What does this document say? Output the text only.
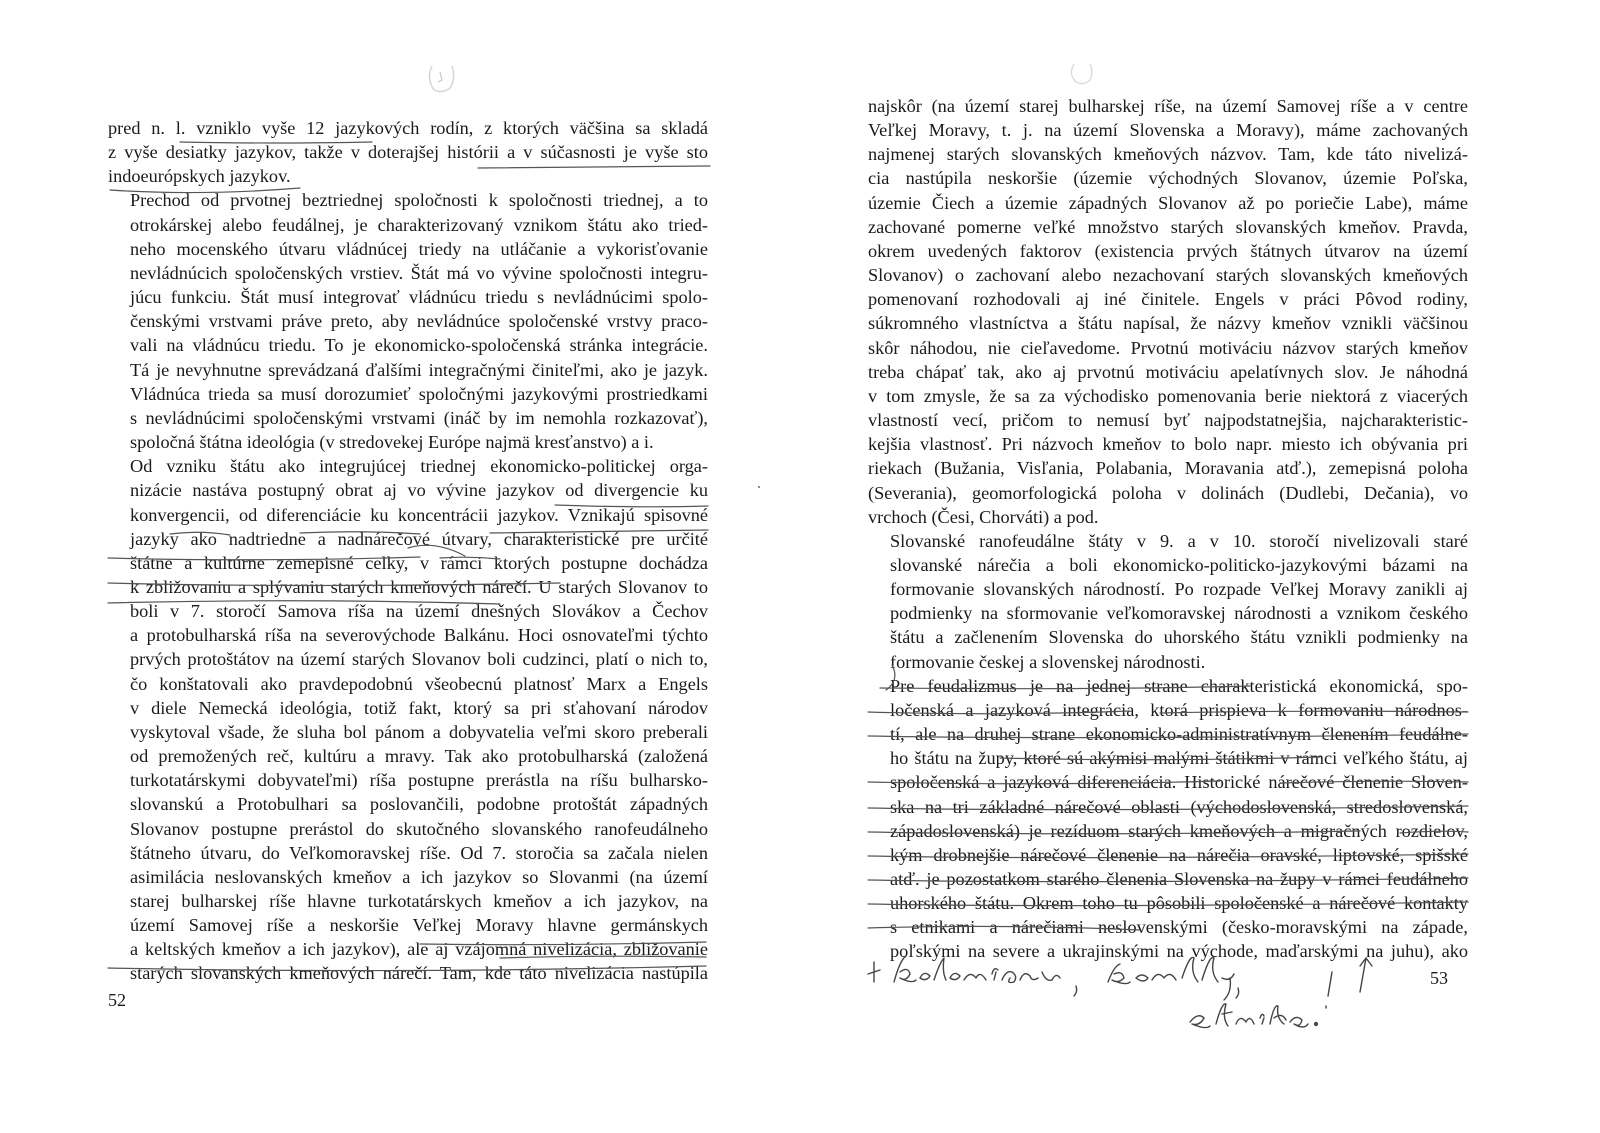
pred n. l. vzniklo vyše 12 jazykových rodín, z ktorých väčšina sa skladá
z vyše desiatky jazykov, takže v doterajšej histórii a v súčasnosti je vyše sto
indoeurópskych jazykov.

Prechod od prvotnej beztriednej spoločnosti k spoločnosti triednej, a to
otrokárskej alebo feudálnej, je charakterizovaný vznikom štátu ako tried-
neho mocenského útvaru vládnúcej triedy na utláčanie a vykorisťovanie
nevládnúcich spoločenských vrstiev. Štát má vo vývine spoločnosti integru-
júcu funkciu. Štát musí integrovať vládnúcu triedu s nevládnúcimi spolo-
čenskými vrstvami práve preto, aby nevládnúce spoločenské vrstvy praco-
vali na vládnúcu triedu. To je ekonomicko-spoločenská stránka integrácie.
Tá je nevyhnutne sprevádzaná ďalšími integračnými činiteľmi, ako je jazyk.
Vládnúca trieda sa musí dorozumieť spoločnými jazykovými prostriedkami
s nevládnúcimi spoločenskými vrstvami (ináč by im nemohla rozkazovať),
spoločná štátna ideológia (v stredovekej Európe najmä kresťanstvo) a i.

Od vzniku štátu ako integrujúcej triednej ekonomicko-politickej orga-
nizácie nastáva postupný obrat aj vo vývine jazykov od divergencie ku
konvergencii, od diferenciácie ku koncentrácii jazykov. Vznikajú spisovné
jazyky ako nadtriedne a nadnárečové útvary, charakteristické pre určité
štátne a kultúrne zemepisné celky, v rámci ktorých postupne dochádza
k zbližovaniu a splývaniu starých kmeňových nárečí. U starých Slovanov to
boli v 7. storočí Samova ríša na území dnešných Slovákov a Čechov
a protobulharská ríša na severovýchode Balkánu. Hoci osnovateľmi týchto
prvých protoštátov na území starých Slovanov boli cudzinci, platí o nich to,
čo konštatovali ako pravdepodobnú všeobecnú platnosť Marx a Engels
v diele Nemecká ideológia, totiž fakt, ktorý sa pri sťahovaní národov
vyskytoval všade, že sluha bol pánom a dobyvatelia veľmi skoro preberali
od premožených reč, kultúru a mravy. Tak ako protobulharská (založená
turkotatárskymi dobyvateľmi) ríša postupne prerástla na ríšu bulharsko-
slovanskú a Protobulhari sa poslovančili, podobne protoštát západných
Slovanov postupne prerástol do skutočného slovanského ranofeudálneho
štátneho útvaru, do Veľkomoravskej ríše. Od 7. storočia sa začala nielen
asimilácia neslovanských kmeňov a ich jazykov so Slovanmi (na území
starej bulharskej ríše hlavne turkotatárskych kmeňov a ich jazykov, na
území Samovej ríše a neskoršie Veľkej Moravy hlavne germánskych
a keltských kmeňov a ich jazykov), ale aj vzájomná nivelizácia, zbližovanie
starých slovanských kmeňových nárečí. Tam, kde táto nivelizácia nastúpila

52

najskôr (na území starej bulharskej ríše, na území Samovej ríše a v centre
Veľkej Moravy, t. j. na území Slovenska a Moravy), máme zachovaných
najmenej starých slovanských kmeňových názvov. Tam, kde táto nivelizá-
cia nastúpila neskoršie (územie východných Slovanov, územie Poľska,
územie Čiech a územie západných Slovanov až po poriečie Labe), máme
zachované pomerne veľké množstvo starých slovanských kmeňov. Pravda,
okrem uvedených faktorov (existencia prvých štátnych útvarov na území
Slovanov) o zachovaní alebo nezachovaní starých slovanských kmeňových
pomenovaní rozhodovali aj iné činitele. Engels v práci Pôvod rodiny,
súkromného vlastníctva a štátu napísal, že názvy kmeňov vznikli väčšinou
skôr náhodou, nie cieľavedome. Prvotnú motiváciu názvov starých kmeňov
treba chápať tak, ako aj prvotnú motiváciu apelatívnych slov. Je náhodná
v tom zmysle, že sa za východisko pomenovania berie niektorá z viacerých
vlastností vecí, pričom to nemusí byť najpodstatnejšia, najcharakteristic-
kejšia vlastnosť. Pri názvoch kmeňov to bolo napr. miesto ich obývania pri
riekach (Bužania, Visľania, Polabania, Moravania atď.), zemepisná poloha
(Severania), geomorfologická poloha v dolinách (Dudlebi, Dečania), vo
vrchoch (Česi, Chorváti) a pod.

Slovanské ranofeudálne štáty v 9. a v 10. storočí nivelizovali staré
slovanské nárečia a boli ekonomicko-politicko-jazykovými bázami na
formovanie slovanských národností. Po rozpade Veľkej Moravy zanikli aj
podmienky na sformovanie veľkomoravskej národnosti a vznikom českého
štátu a začlenením Slovenska do uhorského štátu vznikli podmienky na
formovanie českej a slovenskej národnosti.

Pre feudalizmus je na jednej strane charakteristická ekonomická, spo-
ločenská a jazyková integrácia, ktorá prispieva k formovaniu národnos-
tí, ale na druhej strane ekonomicko-administratívnym členením feudálne-
ho štátu na župy, ktoré sú akýmisi malými štátikmi v rámci veľkého štátu, aj
spoločenská a jazyková diferenciácia. Historické nárečové členenie Sloven-
ska na tri základné nárečové oblasti (východoslovenská, stredoslovenská,
západoslovenská) je rezíduom starých kmeňových a migračných rozdielov,
kým drobnejšie nárečové členenie na nárečia oravské, liptovské, spišské
atď. je pozostatkom starého členenia Slovenska na župy v rámci feudálneho
uhorského štátu. Okrem toho tu pôsobili spoločenské a nárečové kontakty
s etnikami a nárečiami neslovenskými (česko-moravskými na západe,
poľskými na severe a ukrajinskými na východe, maďarskými na juhu), ako

53
